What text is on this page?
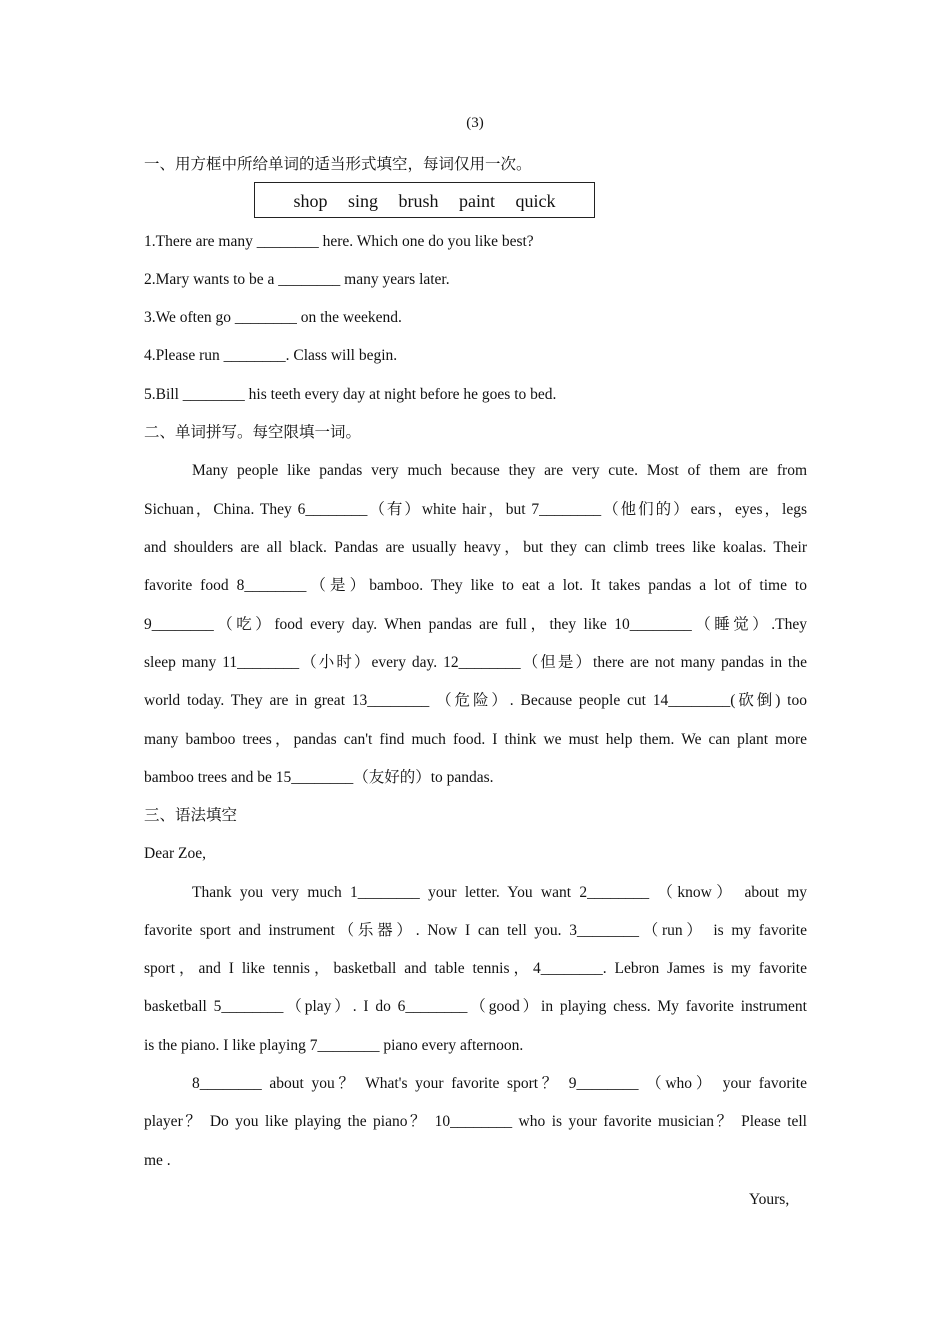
(3)
一、用方框中所给单词的适当形式填空，每词仅用一次。
shop sing brush paint quick
1.There are many ________ here. Which one do you like best?
2.Mary wants to be a ________ many years later.
3.We often go ________ on the weekend.
4.Please run ________. Class will begin.
5.Bill ________ his teeth every day at night before he goes to bed.
二、单词拼写。每空限填一词。
Many people like pandas very much because they are very cute. Most of them are from
Sichuan，China. They 6________（有）white hair，but 7________（他们的）ears，eyes，legs
and shoulders are all black. Pandas are usually heavy，but they can climb trees like koalas. Their
favorite food 8________（是）bamboo. They like to eat a lot. It takes pandas a lot of time to
9________（吃）food every day. When pandas are full，they like 10________（睡觉）.They
sleep many 11________（小时）every day. 12________（但是）there are not many pandas in the
world today. They are in great 13________ （危险）. Because people cut 14________(砍倒) too
many bamboo trees，pandas can't find much food. I think we must help them. We can plant more
bamboo trees and be 15________（友好的）to pandas.
三、语法填空
Dear Zoe,
Thank you very much 1________ your letter. You want 2________ （know） about my
favorite sport and instrument（乐器）. Now I can tell you. 3________（run） is my favorite
sport，and I like tennis，basketball and table tennis，4________. Lebron James is my favorite
basketball 5________（play）. I do 6________（good）in playing chess. My favorite instrument
is the piano. I like playing 7________ piano every afternoon.
8________ about you？ What's your favorite sport？ 9________ （who） your favorite
player？ Do you like playing the piano？ 10________ who is your favorite musician？ Please tell
me .
Yours,
